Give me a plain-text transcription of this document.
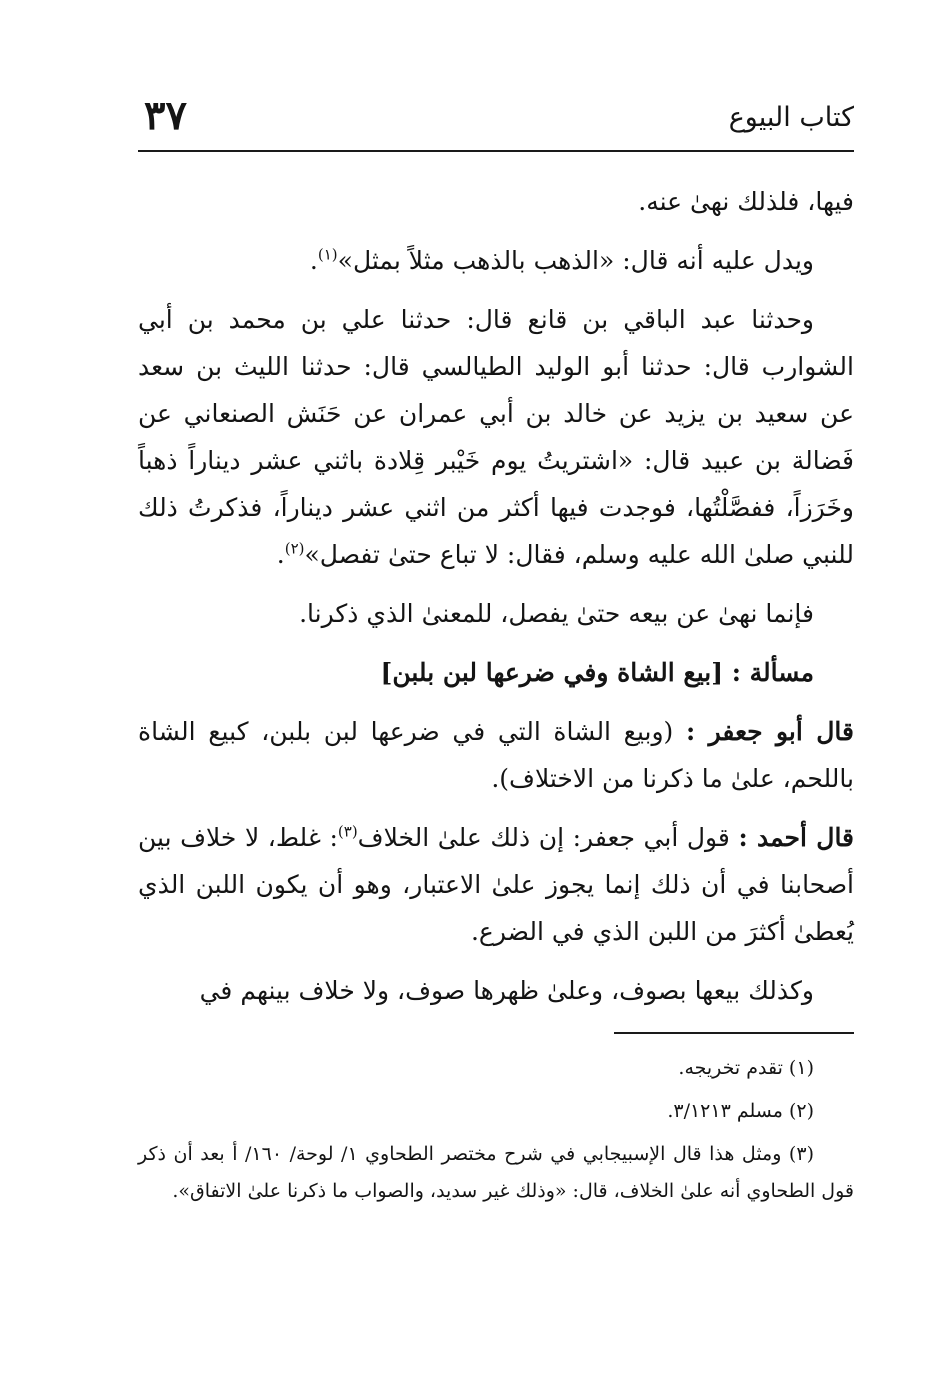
كتاب البيوع
٣٧

فيها، فلذلك نهىٰ عنه.

ويدل عليه أنه قال: «الذهب بالذهب مثلاً بمثل»$^{(١)}$.

وحدثنا عبد الباقي بن قانع قال: حدثنا علي بن محمد بن أبي الشوارب قال: حدثنا أبو الوليد الطيالسي قال: حدثنا الليث بن سعد عن سعيد بن يزيد عن خالد بن أبي عمران عن حَنَش الصنعاني عن فَضالة بن عبيد قال: «اشتريتُ يوم خَيْبر قِلادة باثني عشر ديناراً ذهباً وخَرَزاً، ففصَّلْتُها، فوجدت فيها أكثر من اثني عشر ديناراً، فذكرتُ ذلك للنبي صلىٰ الله عليه وسلم، فقال: لا تباع حتىٰ تفصل»$^{(٢)}$.

فإنما نهىٰ عن بيعه حتىٰ يفصل، للمعنىٰ الذي ذكرنا.

مسألة : [بيع الشاة وفي ضرعها لبن بلبن]

قال أبو جعفر : (وبيع الشاة التي في ضرعها لبن بلبن، كبيع الشاة باللحم، علىٰ ما ذكرنا من الاختلاف).

قال أحمد : قول أبي جعفر: إن ذلك علىٰ الخلاف$^{(٣)}$: غلط، لا خلاف بين أصحابنا في أن ذلك إنما يجوز علىٰ الاعتبار، وهو أن يكون اللبن الذي يُعطىٰ أكثرَ من اللبن الذي في الضرع.

وكذلك بيعها بصوف، وعلىٰ ظهرها صوف، ولا خلاف بينهم في

(١) تقدم تخريجه.

(٢) مسلم ٣/١٢١٣.

(٣) ومثل هذا قال الإسبيجابي في شرح مختصر الطحاوي ١/ لوحة/ ١٦٠/ أ بعد أن ذكر قول الطحاوي أنه علىٰ الخلاف، قال: «وذلك غير سديد، والصواب ما ذكرنا علىٰ الاتفاق».
